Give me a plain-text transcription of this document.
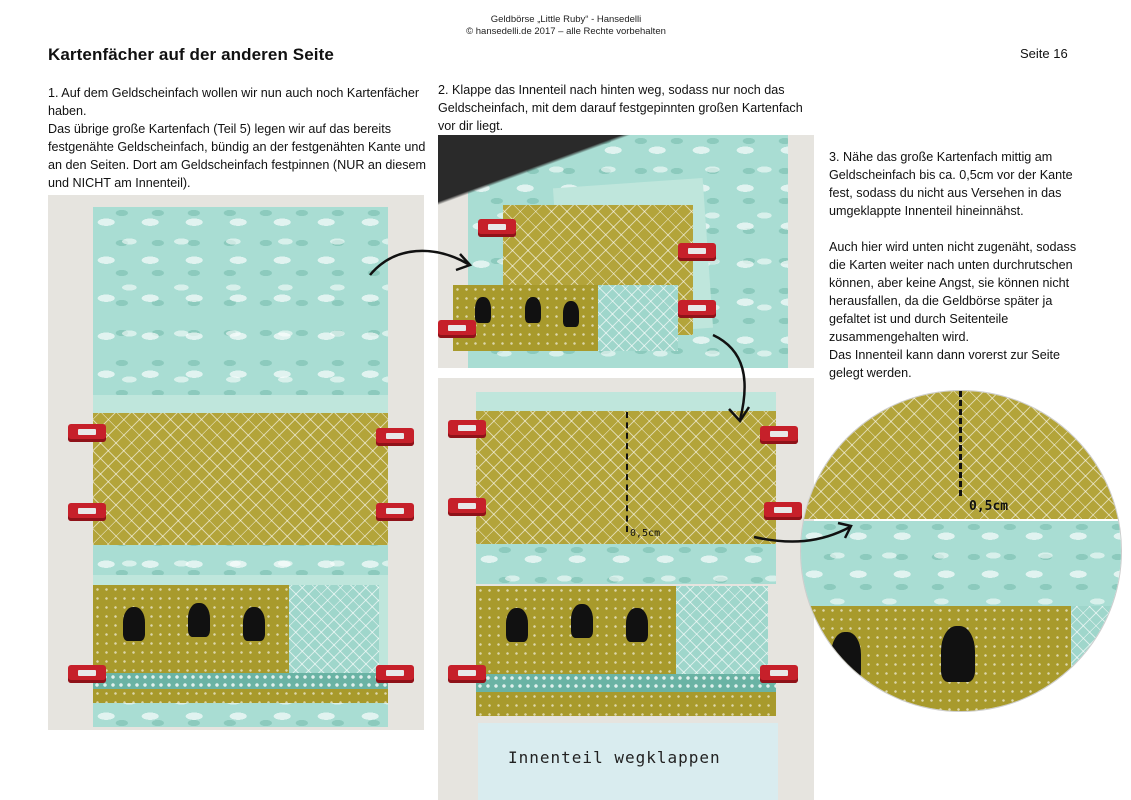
Geldbörse „Little Ruby“ - Hansedelli
© hansedelli.de 2017 – alle Rechte vorbehalten
Kartenfächer auf der anderen Seite	Seite 16

1. Auf dem Geldscheinfach wollen wir nun auch noch Kartenfächer haben.

Das übrige große Kartenfach (Teil 5) legen wir auf das bereits festgenähte Geldscheinfach, bündig an der festgenähten Kante und an den Seiten. Dort am Geldscheinfach festpinnen (NUR an diesem und NICHT am Innenteil).

2. Klappe das Innenteil nach hinten weg, sodass nur noch das Geldscheinfach, mit dem darauf festgepinnten großen Kartenfach vor dir liegt.

3. Nähe das große Kartenfach mittig am Geldscheinfach bis ca. 0,5cm vor der Kante fest, sodass du nicht aus Versehen in das umgeklappte Innenteil hineinnähst.

Auch hier wird unten nicht zugenäht, sodass die Karten weiter nach unten durchrutschen können, aber keine Angst, sie können nicht herausfallen, da die Geldbörse später ja gefaltet ist und durch Seitenteile zusammengehalten wird.

Das Innenteil kann dann vorerst zur Seite gelegt werden.

0,5cm
Innenteil wegklappen
0,5cm
